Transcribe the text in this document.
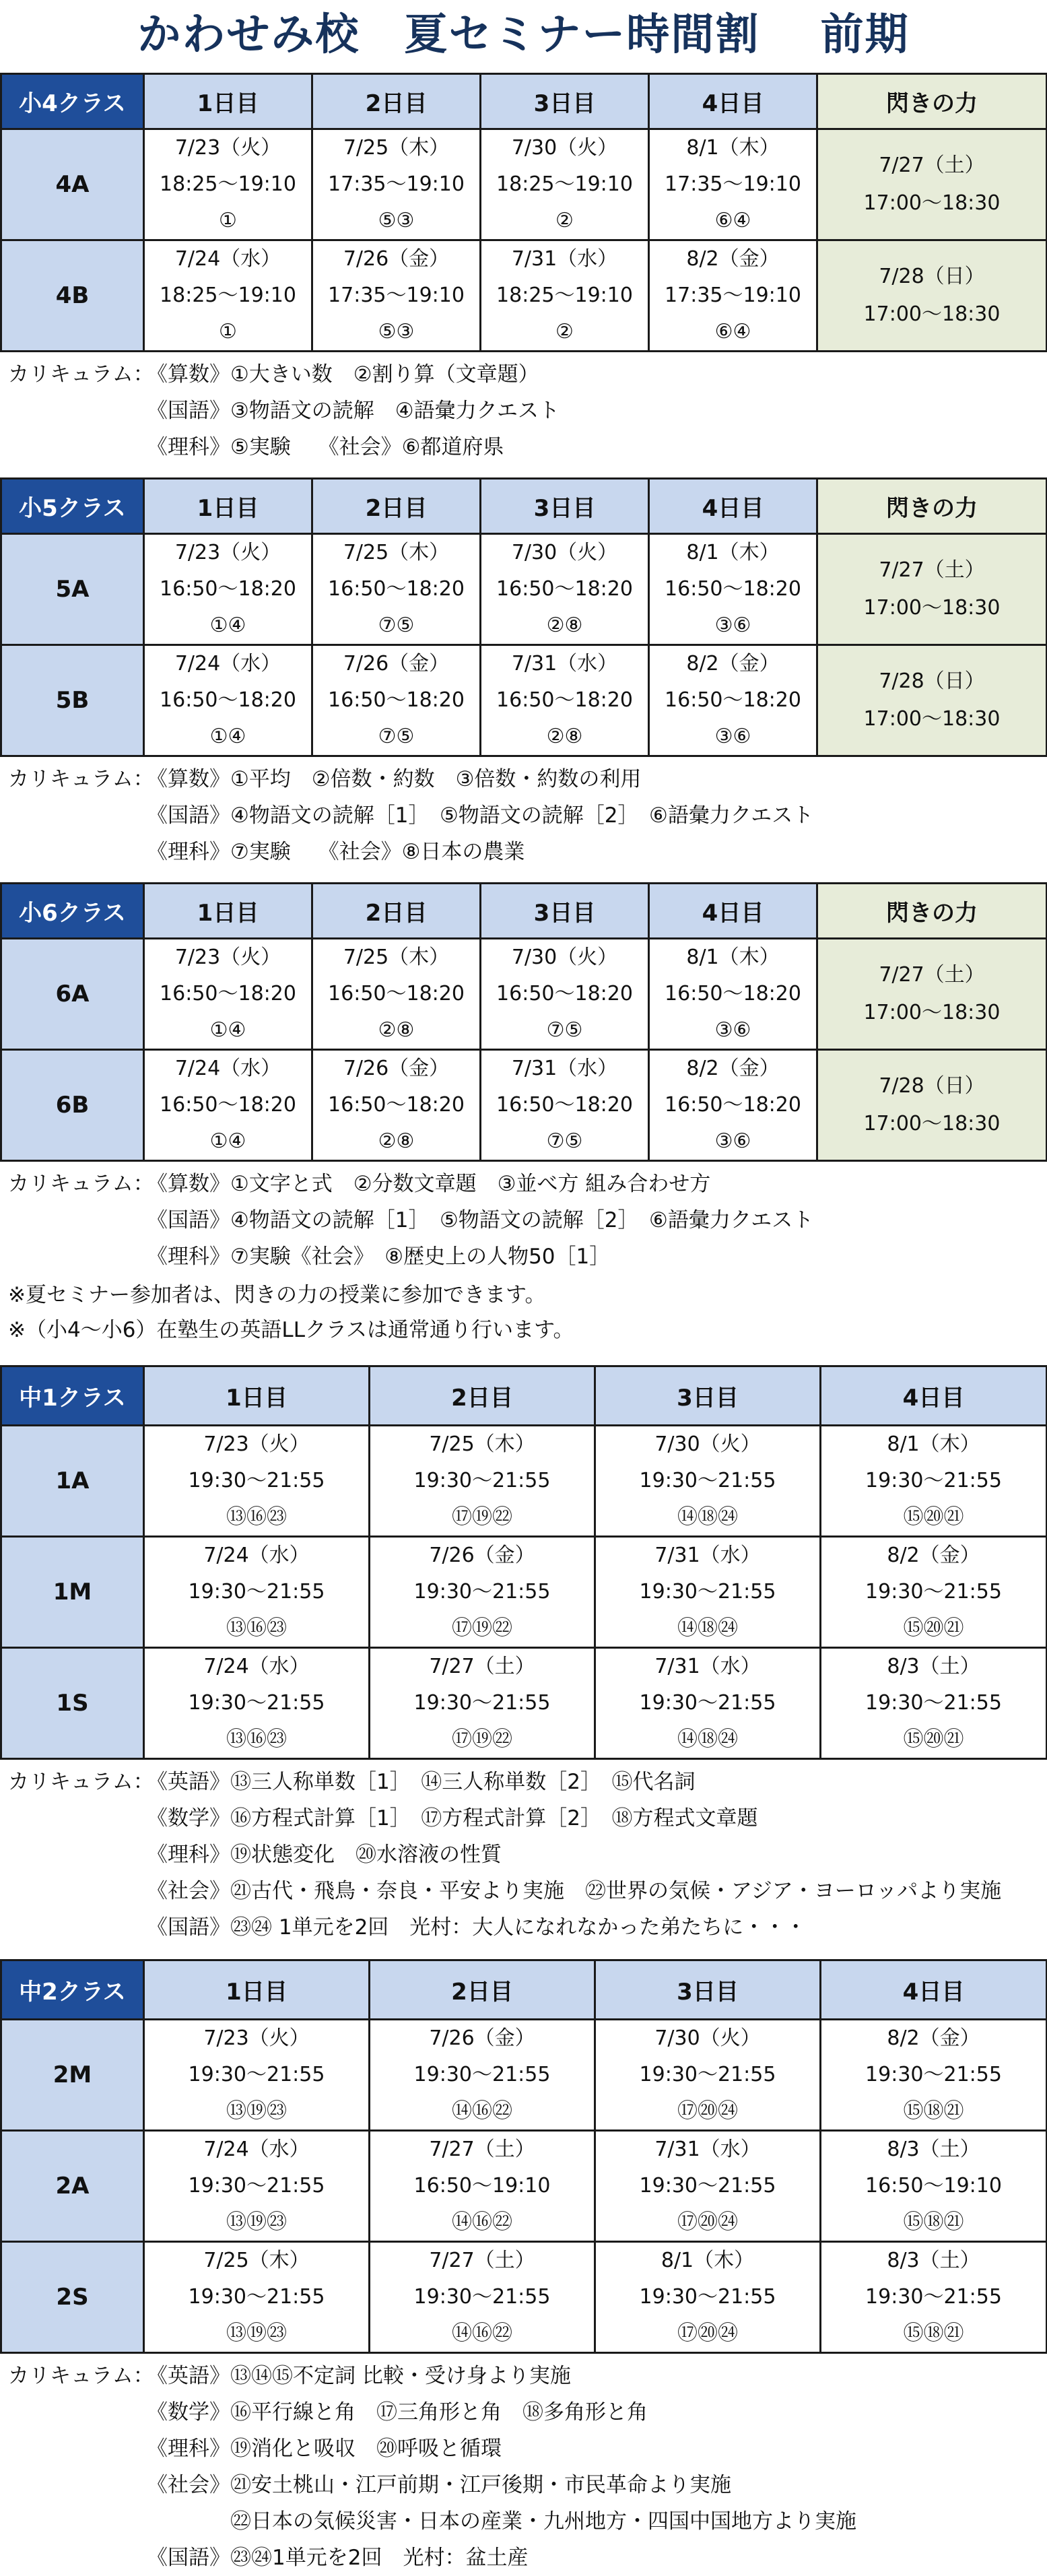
かわせみ校　夏セミナー時間割　 前期
小4クラス	1日目	2日目	3日目	4日目	閃きの力
4A	7/23（火）
18:25～19:10
①	7/25（木）
17:35～19:10
⑤③	7/30（火）
18:25～19:10
②	8/1（木）
17:35～19:10
⑥④	7/27（土）
17:00～18:30

4B	7/24（水）
18:25～19:10
①	7/26（金）
17:35～19:10
⑤③	7/31（水）
18:25～19:10
②	8/2（金）
17:35～19:10
⑥④	7/28（日）
17:00～18:30
カリキュラム：《算数》①大きい数　②割り算（文章題）
《国語》③物語文の読解　④語彙力クエスト
《理科》⑤実験　 《社会》⑥都道府県
小5クラス	1日目	2日目	3日目	4日目	閃きの力
5A	7/23（火）
16:50～18:20
①④	7/25（木）
16:50～18:20
⑦⑤	7/30（火）
16:50～18:20
②⑧	8/1（木）
16:50～18:20
③⑥	7/27（土）
17:00～18:30

5B	7/24（水）
16:50～18:20
①④	7/26（金）
16:50～18:20
⑦⑤	7/31（水）
16:50～18:20
②⑧	8/2（金）
16:50～18:20
③⑥	7/28（日）
17:00～18:30
カリキュラム：《算数》①平均　②倍数・約数　③倍数・約数の利用
《国語》④物語文の読解［1］　⑤物語文の読解［2］　⑥語彙力クエスト
《理科》⑦実験　 《社会》⑧日本の農業
小6クラス	1日目	2日目	3日目	4日目	閃きの力
6A	7/23（火）
16:50～18:20
①④	7/25（木）
16:50～18:20
②⑧	7/30（火）
16:50～18:20
⑦⑤	8/1（木）
16:50～18:20
③⑥	7/27（土）
17:00～18:30

6B	7/24（水）
16:50～18:20
①④	7/26（金）
16:50～18:20
②⑧	7/31（水）
16:50～18:20
⑦⑤	8/2（金）
16:50～18:20
③⑥	7/28（日）
17:00～18:30
カリキュラム：《算数》①文字と式　②分数文章題　③並べ方 組み合わせ方
《国語》④物語文の読解［1］　⑤物語文の読解［2］　⑥語彙力クエスト
《理科》⑦実験《社会》　⑧歴史上の人物50［1］
※夏セミナー参加者は、閃きの力の授業に参加できます。
※（小4～小6）在塾生の英語LLクラスは通常通り行います。
中1クラス	1日目	2日目	3日目	4日目
1A	7/23（火）
19:30～21:55
⑬⑯㉓	7/25（木）
19:30～21:55
⑰⑲㉒	7/30（火）
19:30～21:55
⑭⑱㉔	8/1（木）
19:30～21:55
⑮⑳㉑

1M	7/24（水）
19:30～21:55
⑬⑯㉓	7/26（金）
19:30～21:55
⑰⑲㉒	7/31（水）
19:30～21:55
⑭⑱㉔	8/2（金）
19:30～21:55
⑮⑳㉑

1S	7/24（水）
19:30～21:55
⑬⑯㉓	7/27（土）
19:30～21:55
⑰⑲㉒	7/31（水）
19:30～21:55
⑭⑱㉔	8/3（土）
19:30～21:55
⑮⑳㉑
カリキュラム：《英語》⑬三人称単数［1］　⑭三人称単数［2］　⑮代名詞
《数学》⑯方程式計算［1］　⑰方程式計算［2］　⑱方程式文章題
《理科》⑲状態変化　⑳水溶液の性質
《社会》㉑古代・飛鳥・奈良・平安より実施　㉒世界の気候・アジア・ヨーロッパより実施
《国語》㉓㉔ 1単元を2回　光村：大人になれなかった弟たちに・・・
中2クラス	1日目	2日目	3日目	4日目
2M	7/23（火）
19:30～21:55
⑬⑲㉓	7/26（金）
19:30～21:55
⑭⑯㉒	7/30（火）
19:30～21:55
⑰⑳㉔	8/2（金）
19:30～21:55
⑮⑱㉑

2A	7/24（水）
19:30～21:55
⑬⑲㉓	7/27（土）
16:50～19:10
⑭⑯㉒	7/31（水）
19:30～21:55
⑰⑳㉔	8/3（土）
16:50～19:10
⑮⑱㉑

2S	7/25（木）
19:30～21:55
⑬⑲㉓	7/27（土）
19:30～21:55
⑭⑯㉒	8/1（木）
19:30～21:55
⑰⑳㉔	8/3（土）
19:30～21:55
⑮⑱㉑
カリキュラム：《英語》⑬⑭⑮不定詞 比較・受け身より実施
《数学》⑯平行線と角　⑰三角形と角　⑱多角形と角
《理科》⑲消化と吸収　⑳呼吸と循環
《社会》㉑安土桃山・江戸前期・江戸後期・市民革命より実施
㉒日本の気候災害・日本の産業・九州地方・四国中国地方より実施
《国語》㉓㉔1単元を2回　光村：盆土産
